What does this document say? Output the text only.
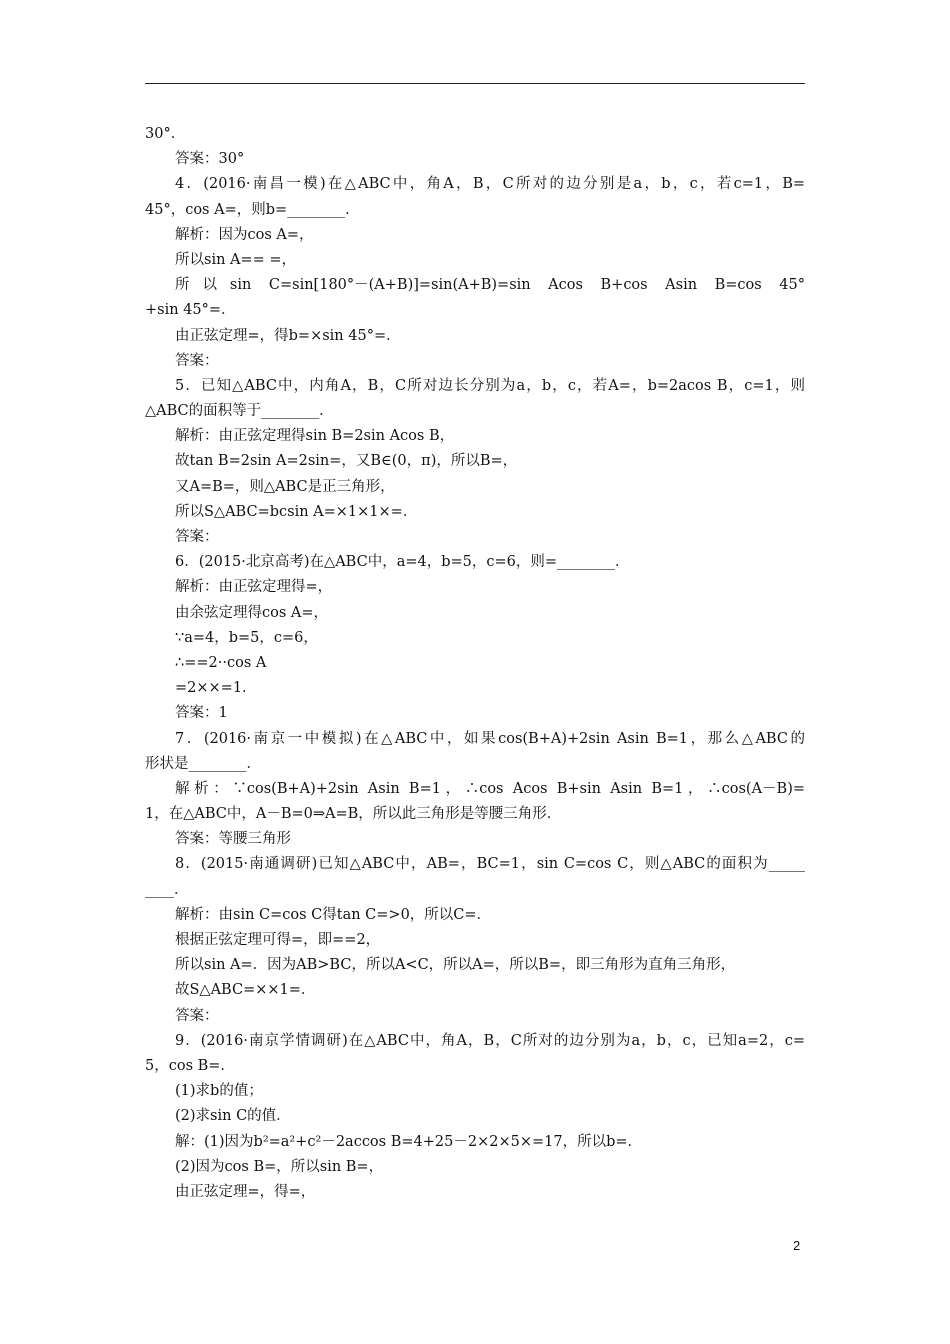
30°．
答案：30°
4．(2016·南昌一模)在△ABC中，角A，B，C所对的边分别是a，b，c，若c=1，B=
45°，cos A=，则b=________．
解析：因为cos A=，
所以sin A== =，
所以sin C=sin[180°－(A+B)]=sin(A+B)=sin Acos B+cos Asin B=cos 45°
+sin 45°=．
由正弦定理=，得b=×sin 45°=．
答案：
5．已知△ABC中，内角A，B，C所对边长分别为a，b，c，若A=，b=2acos B，c=1，则
△ABC的面积等于________．
解析：由正弦定理得sin B=2sin Acos B，
故tan B=2sin A=2sin=，又B∈(0，π)，所以B=，
又A=B=，则△ABC是正三角形，
所以S△ABC=bcsin A=×1×1×=．
答案：
6．(2015·北京高考)在△ABC中，a=4，b=5，c=6，则=________．
解析：由正弦定理得=，
由余弦定理得cos A=，
∵a=4，b=5，c=6，
∴==2··cos A
=2××=1．
答案：1
7．(2016·南京一中模拟)在△ABC中，如果cos(B+A)+2sin Asin B=1，那么△ABC的
形状是________．
解析：∵cos(B+A)+2sin Asin B=1，∴cos Acos B+sin Asin B=1，∴cos(A－B)=
1，在△ABC中，A－B=0⇒A=B，所以此三角形是等腰三角形．
答案：等腰三角形
8．(2015·南通调研)已知△ABC中，AB=，BC=1，sin C=cos C，则△ABC的面积为_____
____．
解析：由sin C=cos C得tan C=>0，所以C=．
根据正弦定理可得=，即==2，
所以sin A=．因为AB>BC，所以A<C，所以A=，所以B=，即三角形为直角三角形，
故S△ABC=××1=．
答案：
9．(2016·南京学情调研)在△ABC中，角A，B，C所对的边分别为a，b，c，已知a=2，c=
5，cos B=．
(1)求b的值；
(2)求sin C的值．
解：(1)因为b²=a²+c²－2accos B=4+25－2×2×5×=17，所以b=．
(2)因为cos B=，所以sin B=，
由正弦定理=，得=，
2
